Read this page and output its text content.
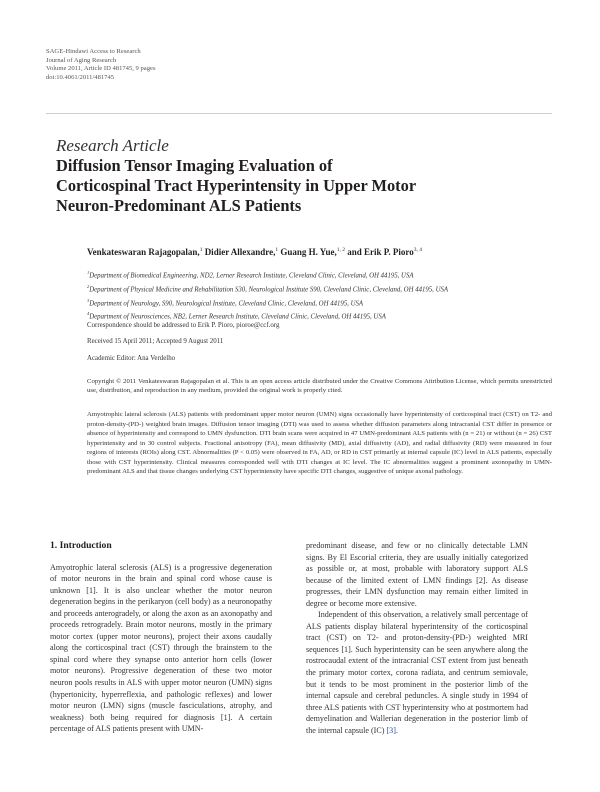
SAGE-Hindawi Access to Research
Journal of Aging Research
Volume 2011, Article ID 481745, 9 pages
doi:10.4061/2011/481745
Research Article
Diffusion Tensor Imaging Evaluation of
Corticospinal Tract Hyperintensity in Upper Motor
Neuron-Predominant ALS Patients
Venkateswaran Rajagopalan,$^1$ Didier Allexandre,$^1$ Guang H. Yue,$^{1, 2}$ and Erik P. Pioro$^{3, 4}$
$^1$Department of Biomedical Engineering, ND2, Lerner Research Institute, Cleveland Clinic, Cleveland, OH 44195, USA
$^2$Department of Physical Medicine and Rehabilitation S30, Neurological Institute S90, Cleveland Clinic, Cleveland, OH 44195, USA
$^3$Department of Neurology, S90, Neurological Institute, Cleveland Clinic, Cleveland, OH 44195, USA
$^4$Department of Neurosciences, NB2, Lerner Research Institute, Cleveland Clinic, Cleveland, OH 44195, USA
Correspondence should be addressed to Erik P. Pioro, pioroe@ccf.org
Received 15 April 2011; Accepted 9 August 2011
Academic Editor: Ana Verdelho
Copyright © 2011 Venkateswaran Rajagopalan et al. This is an open access article distributed under the Creative Commons Attribution License, which permits unrestricted use, distribution, and reproduction in any medium, provided the original work is properly cited.
Amyotrophic lateral sclerosis (ALS) patients with predominant upper motor neuron (UMN) signs occasionally have hyperintensity of corticospinal tract (CST) on T2- and proton-density-(PD-) weighted brain images. Diffusion tensor imaging (DTI) was used to assess whether diffusion parameters along intracranial CST differ in presence or absence of hyperintensity and correspond to UMN dysfunction. DTI brain scans were acquired in 47 UMN-predominant ALS patients with (n = 21) or without (n = 26) CST hyperintensity and in 30 control subjects. Fractional anisotropy (FA), mean diffusivity (MD), axial diffusivity (AD), and radial diffusivity (RD) were measured in four regions of interests (ROIs) along CST. Abnormalities (P < 0.05) were observed in FA, AD, or RD in CST primarily at internal capsule (IC) level in ALS patients, especially those with CST hyperintensity. Clinical measures corresponded well with DTI changes at IC level. The IC abnormalities suggest a prominent axonopathy in UMN-predominant ALS and that tissue changes underlying CST hyperintensity have specific DTI changes, suggestive of unique axonal pathology.
1. Introduction

Amyotrophic lateral sclerosis (ALS) is a progressive degeneration of motor neurons in the brain and spinal cord whose cause is unknown [1]. It is also unclear whether the motor neuron degeneration begins in the perikaryon (cell body) as a neuronopathy and proceeds anterogradely, or along the axon as an axonopathy and proceeds retrogradely. Brain motor neurons, mostly in the primary motor cortex (upper motor neurons), project their axons caudally along the corticospinal tract (CST) through the brainstem to the spinal cord where they synapse onto anterior horn cells (lower motor neurons). Progressive degeneration of these two motor neuron pools results in ALS with upper motor neuron (UMN) signs (hypertonicity, hyperreflexia, and pathologic reflexes) and lower motor neuron (LMN) signs (muscle fasciculations, atrophy, and weakness) both being required for diagnosis [1]. A certain percentage of ALS patients present with UMN-

predominant disease, and few or no clinically detectable LMN signs. By El Escorial criteria, they are usually initially categorized as possible or, at most, probable with laboratory support ALS because of the limited extent of LMN findings [2]. As disease progresses, their LMN dysfunction may remain either limited in degree or become more extensive.

Independent of this observation, a relatively small percentage of ALS patients display bilateral hyperintensity of the corticospinal tract (CST) on T2- and proton-density-(PD-) weighted MRI sequences [1]. Such hyperintensity can be seen anywhere along the rostrocaudal extent of the intracranial CST extent from just beneath the primary motor cortex, corona radiata, and centrum semiovale, but it tends to be most prominent in the posterior limb of the internal capsule and cerebral peduncles. A single study in 1994 of three ALS patients with CST hyperintensity who at postmortem had demyelination and Wallerian degeneration in the posterior limb of the internal capsule (IC) [3].
